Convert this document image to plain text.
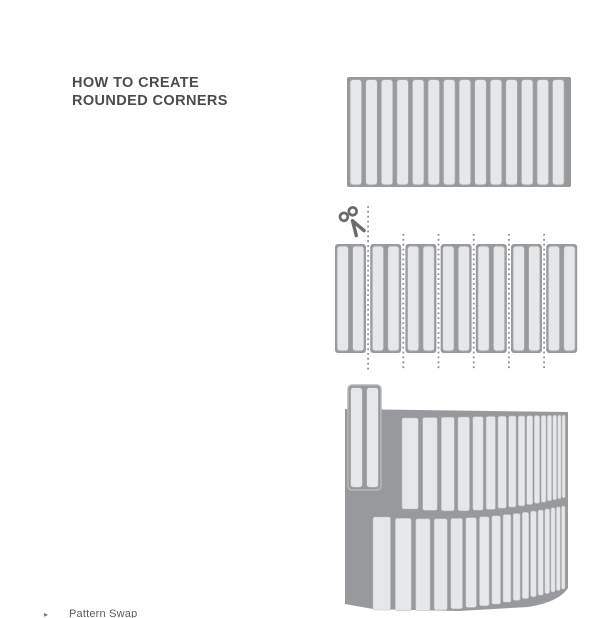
HOW TO CREATE
ROUNDED CORNERS
▸ Pattern Swap
